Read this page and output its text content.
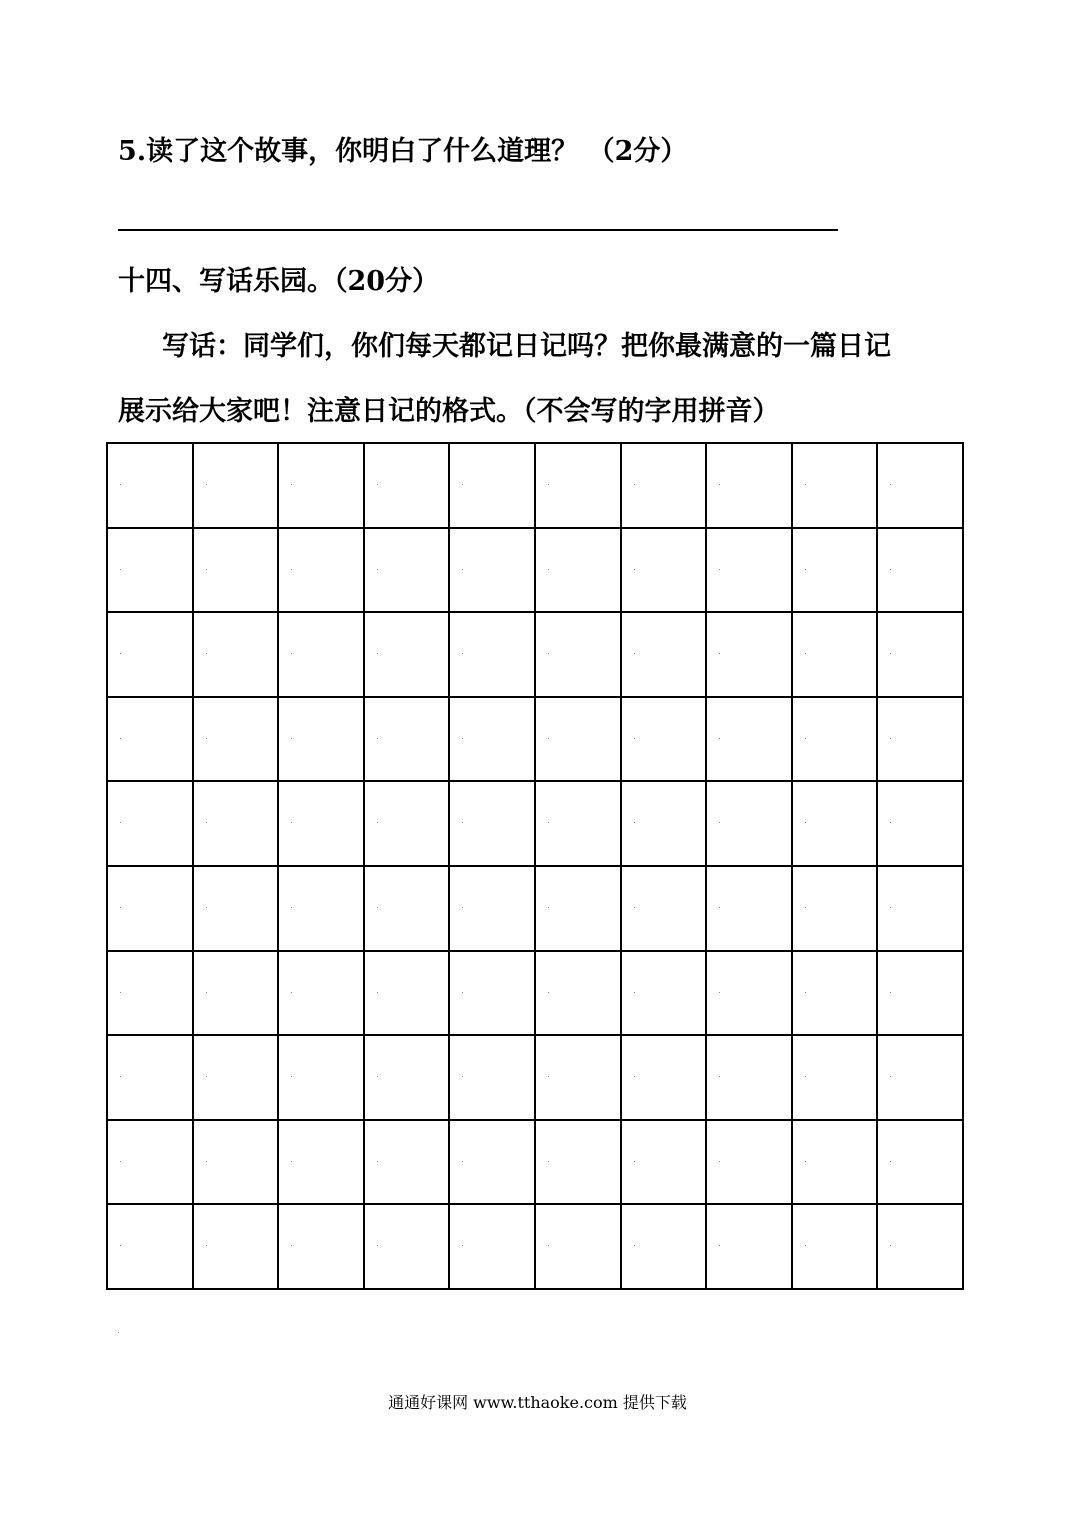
5.读了这个故事，你明白了什么道理？ （2分）
十四、写话乐园。（20分）
写话：同学们，你们每天都记日记吗？把你最满意的一篇日记
展示给大家吧！注意日记的格式。（不会写的字用拼音）
通通好课网 www.tthaoke.com 提供下载
